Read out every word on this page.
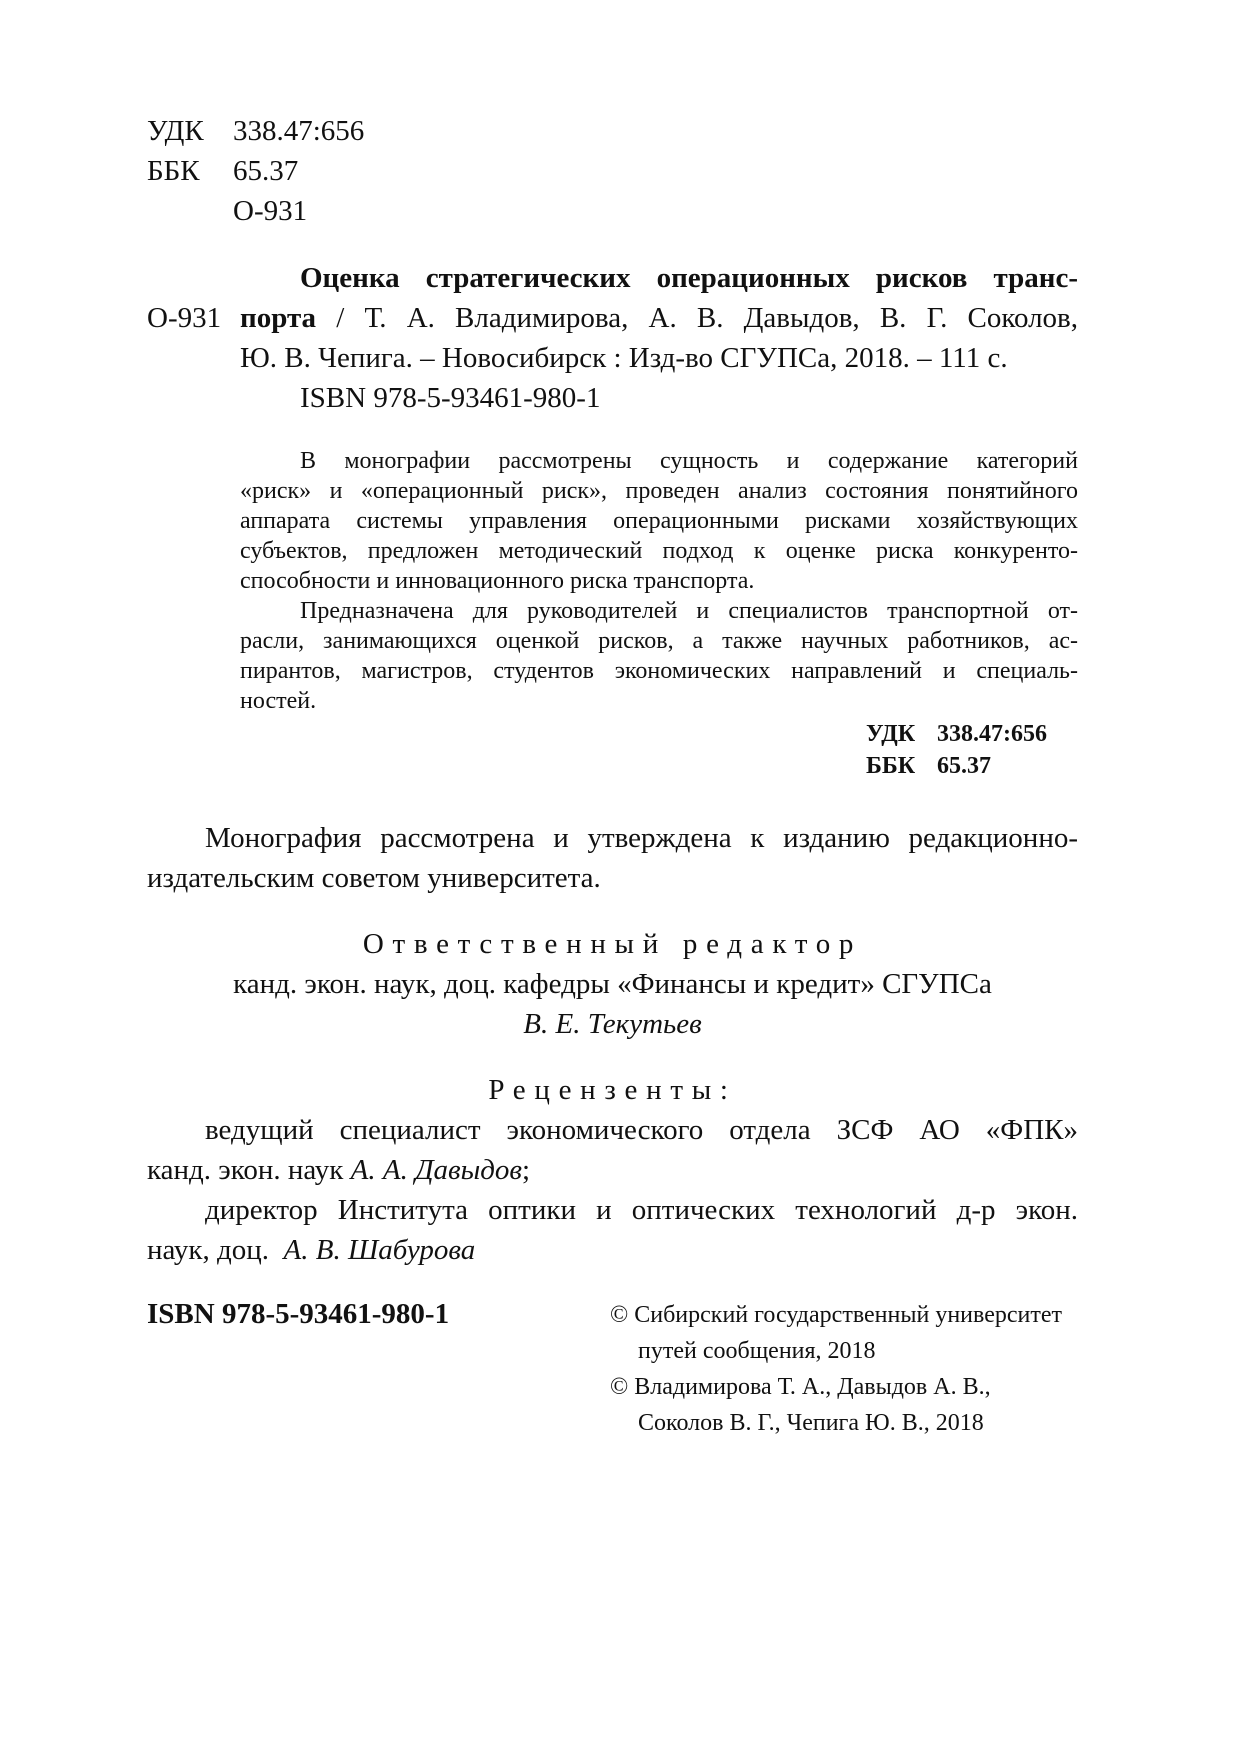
УДК 338.47:656
ББК 65.37
О-931
Оценка стратегических операционных рисков транс-
О-931 порта / Т. А. Владимирова, А. В. Давыдов, В. Г. Соколов,
Ю. В. Чепига. – Новосибирск : Изд-во СГУПСа, 2018. – 111 с.
ISBN 978-5-93461-980-1
В монографии рассмотрены сущность и содержание категорий
«риск» и «операционный риск», проведен анализ состояния понятийного
аппарата системы управления операционными рисками хозяйствующих
субъектов, предложен методический подход к оценке риска конкуренто-
способности и инновационного риска транспорта.
Предназначена для руководителей и специалистов транспортной от-
расли, занимающихся оценкой рисков, а также научных работников, ас-
пирантов, магистров, студентов экономических направлений и специаль-
ностей.
УДК 338.47:656
ББК 65.37
Монография рассмотрена и утверждена к изданию редакционно-
издательским советом университета.
Ответственный редактор
канд. экон. наук, доц. кафедры «Финансы и кредит» СГУПСа
В. Е. Текутьев
Рецензенты:
ведущий специалист экономического отдела ЗСФ АО «ФПК»
канд. экон. наук А. А. Давыдов;
директор Института оптики и оптических технологий д-р экон.
наук, доц.  А. В. Шабурова
ISBN 978-5-93461-980-1	© Сибирский государственный университет
путей сообщения, 2018
© Владимирова Т. А., Давыдов А. В.,
Соколов В. Г., Чепига Ю. В., 2018
